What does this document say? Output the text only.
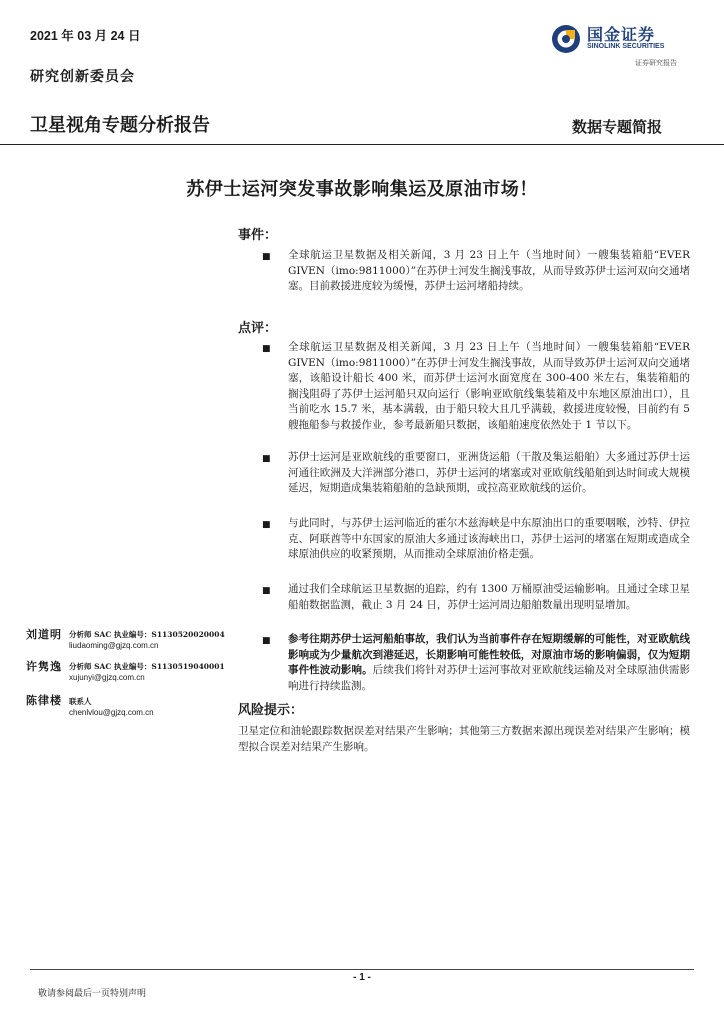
2021 年 03 月 24 日
研究创新委员会
卫星视角专题分析报告	数据专题简报
国金证券
SINOLINK SECURITIES
证券研究报告
苏伊士运河突发事故影响集运及原油市场！
事件：
■ 全球航运卫星数据及相关新闻，3 月 23 日上午（当地时间）一艘集装箱船“EVER GIVEN（imo:9811000）”在苏伊士河发生搁浅事故，从而导致苏伊士运河双向交通堵塞。目前救援进度较为缓慢，苏伊士运河堵船持续。
点评：
■ 全球航运卫星数据及相关新闻，3 月 23 日上午（当地时间）一艘集装箱船“EVER GIVEN（imo:9811000）”在苏伊士河发生搁浅事故，从而导致苏伊士运河双向交通堵塞，该船设计船长 400 米，而苏伊士运河水面宽度在 300-400 米左右，集装箱船的搁浅阻碍了苏伊士运河船只双向运行（影响亚欧航线集装箱及中东地区原油出口），且当前吃水 15.7 米，基本满载，由于船只较大且几乎满载，救援进度较慢，目前约有 5 艘拖船参与救援作业，参考最新船只数据，该船舶速度依然处于 1 节以下。
■ 苏伊士运河是亚欧航线的重要窗口，亚洲货运船（干散及集运船舶）大多通过苏伊士运河通往欧洲及大洋洲部分港口，苏伊士运河的堵塞或对亚欧航线船舶到达时间或大规模延迟，短期造成集装箱船舶的急缺预期，或拉高亚欧航线的运价。
■ 与此同时，与苏伊士运河临近的霍尔木兹海峡是中东原油出口的重要咽喉，沙特、伊拉克、阿联酋等中东国家的原油大多通过该海峡出口，苏伊士运河的堵塞在短期或造成全球原油供应的收紧预期，从而推动全球原油价格走强。
■ 通过我们全球航运卫星数据的追踪，约有 1300 万桶原油受运输影响。且通过全球卫星船舶数据监测，截止 3 月 24 日，苏伊士运河周边船舶数量出现明显增加。
■ 参考往期苏伊士运河船舶事故，我们认为当前事件存在短期缓解的可能性，对亚欧航线影响或为少量航次到港延迟，长期影响可能性较低，对原油市场的影响偏弱，仅为短期事件性波动影响。后续我们将针对苏伊士运河事故对亚欧航线运输及对全球原油供需影响进行持续监测。
风险提示：
卫星定位和油轮跟踪数据误差对结果产生影响；其他第三方数据来源出现误差对结果产生影响；模型拟合误差对结果产生影响。
刘道明 分析师 SAC 执业编号：S1130520020004
liudaoming@gjzq.com.cn
许隽逸 分析师 SAC 执业编号：S1130519040001
xujunyi@gjzq.com.cn
陈律楼 联系人
chenlvlou@gjzq.com.cn
- 1 -
敬请参阅最后一页特别声明
